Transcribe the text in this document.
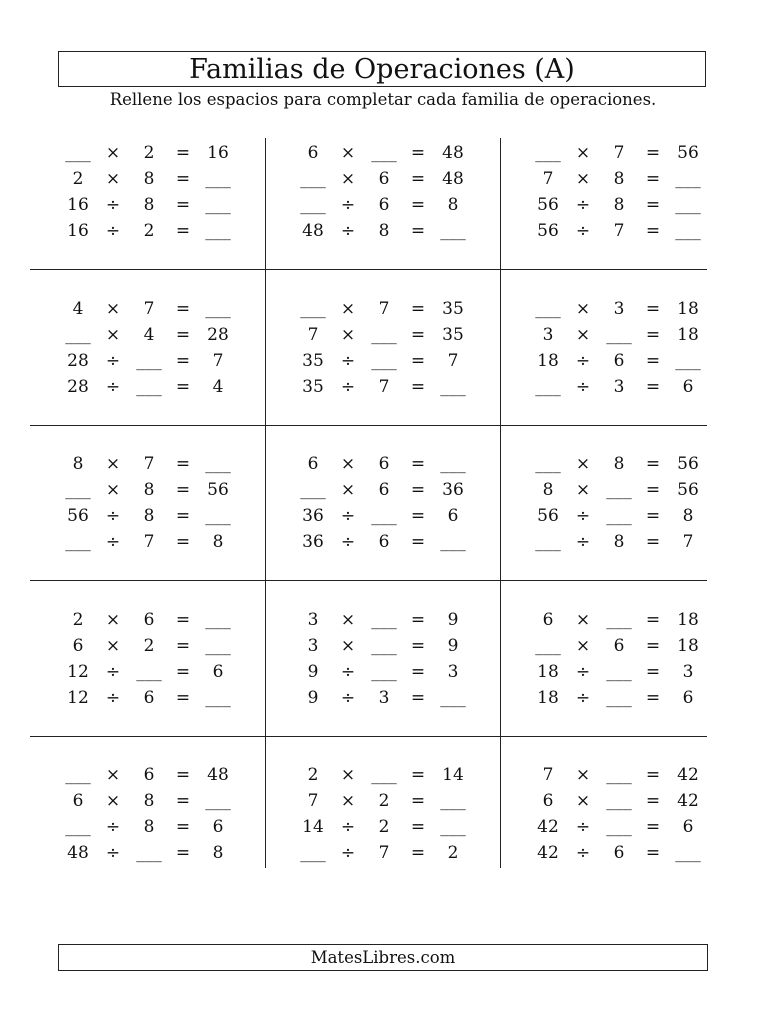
Familias de Operaciones (A)
Rellene los espacios para completar cada familia de operaciones.
___ ×	2	=	16
2	×	8	= ___
16	÷	8	= ___
16	÷	2	= ___
6	× ___ =	48
___ ×	6	=	48
___ ÷	6	=	8
48	÷	8	= ___
___ ×	7	=	56
7	×	8	= ___
56	÷	8	= ___
56	÷	7	= ___
4	×	7	= ___
___ ×	4	=	28
28	÷ ___ =	7
28	÷ ___ =	4
___ ×	7	=	35
7	× ___ =	35
35	÷ ___ =	7
35	÷	7	= ___
___ ×	3	=	18
3	× ___ =	18
18	÷	6	= ___
___ ÷	3	=	6
8	×	7	= ___
___ ×	8	=	56
56	÷	8	= ___
___ ÷	7	=	8
6	×	6	= ___
___ ×	6	=	36
36	÷ ___ =	6
36	÷	6	= ___
___ ×	8	=	56
8	× ___ =	56
56	÷ ___ =	8
___ ÷	8	=	7
2	×	6	= ___
6	×	2	= ___
12	÷ ___ =	6
12	÷	6	= ___
3	× ___ =	9
3	× ___ =	9
9	÷ ___ =	3
9	÷	3	= ___
6	× ___ =	18
___ ×	6	=	18
18	÷ ___ =	3
18	÷ ___ =	6
___ ×	6	=	48
6	×	8	= ___
___ ÷	8	=	6
48	÷ ___ =	8
2	× ___ =	14
7	×	2	= ___
14	÷	2	= ___
___ ÷	7	=	2
7	× ___ =	42
6	× ___ =	42
42	÷ ___ =	6
42	÷	6	= ___
MatesLibres.com
